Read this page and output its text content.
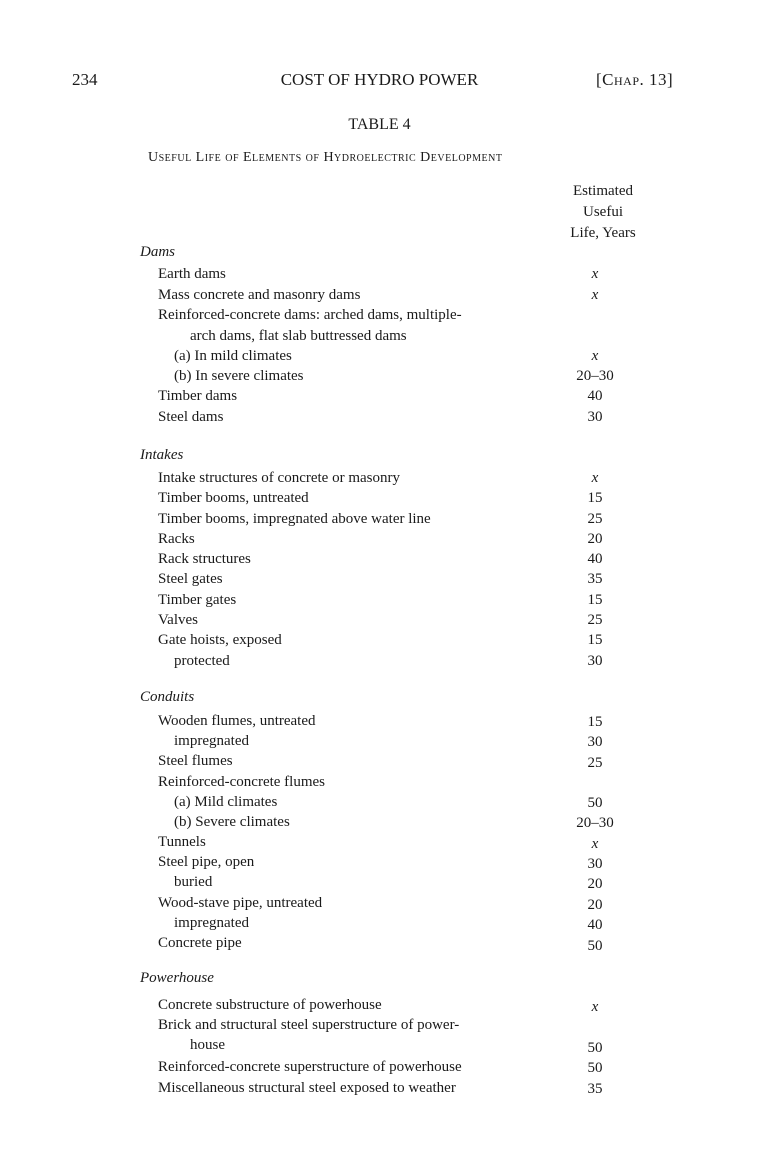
234	COST OF HYDRO POWER	[Chap. 13]
TABLE 4
Useful Life of Elements of Hydroelectric Development
Estimated
Usefui
Life, Years
Dams
Earth dams	x
Mass concrete and masonry dams	x
Reinforced-concrete dams: arched dams, multiple-
arch dams, flat slab buttressed dams
(a) In mild climates	x
(b) In severe climates	20–30
Timber dams	40
Steel dams	30
Intakes
Intake structures of concrete or masonry	x
Timber booms, untreated	15
Timber booms, impregnated above water line	25
Racks	20
Rack structures	40
Steel gates	35
Timber gates	15
Valves	25
Gate hoists, exposed	15
protected	30
Conduits
Wooden flumes, untreated	15
impregnated	30
Steel flumes	25
Reinforced-concrete flumes
(a) Mild climates	50
(b) Severe climates	20–30
Tunnels	x
Steel pipe, open	30
buried	20
Wood-stave pipe, untreated	20
impregnated	40
Concrete pipe	50
Powerhouse
Concrete substructure of powerhouse	x
Brick and structural steel superstructure of power-
house	50
Reinforced-concrete superstructure of powerhouse	50
Miscellaneous structural steel exposed to weather	35
